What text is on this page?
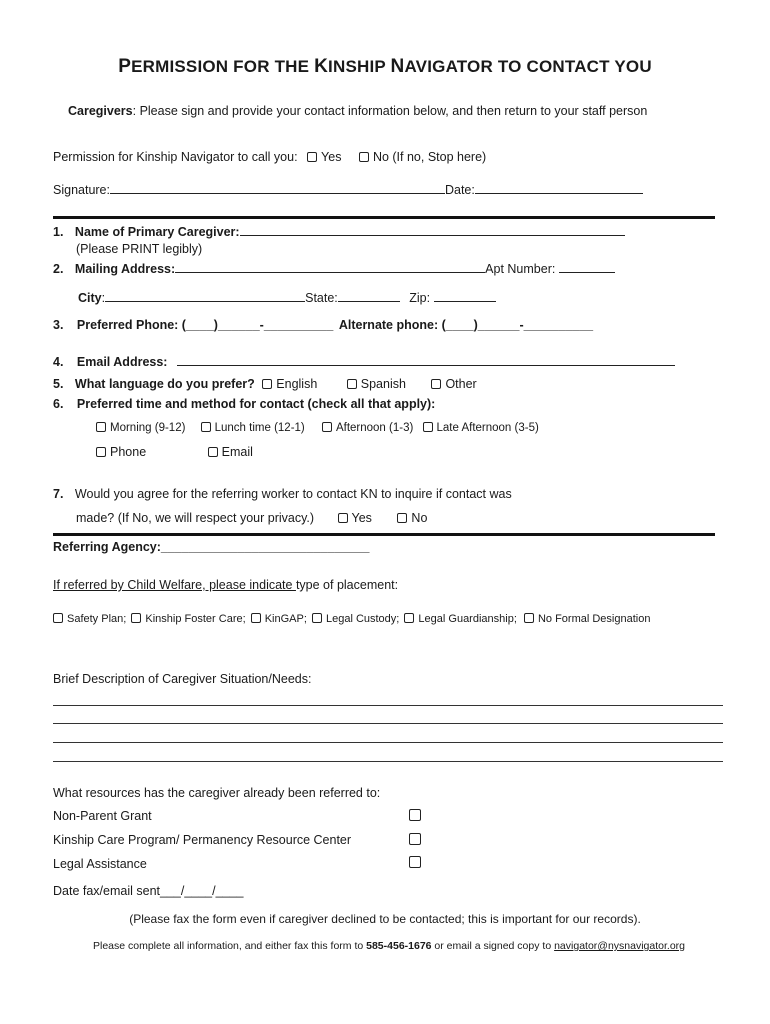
PERMISSION FOR THE KINSHIP NAVIGATOR TO CONTACT YOU
Caregivers: Please sign and provide your contact information below, and then return to your staff person
Permission for Kinship Navigator to call you: Yes	No (If no, Stop here)
Signature:	Date:
1. Name of Primary Caregiver:
(Please PRINT legibly)
2. Mailing Address:	Apt Number:
City:	State:	Zip:
3. Preferred Phone: (____)______-__________ Alternate phone: (____)______-__________
4. Email Address:
5. What language do you prefer? English	Spanish	Other
6. Preferred time and method for contact (check all that apply):
Morning (9-12)	Lunch time (12-1)	Afternoon (1-3) Late Afternoon (3-5)
Phone	Email
7. Would you agree for the referring worker to contact KN to inquire if contact was
made? (If No, we will respect your privacy.)	Yes	No
Referring Agency:______________________________
If referred by Child Welfare, please indicate type of placement:
Safety Plan; Kinship Foster Care; KinGAP; Legal Custody; Legal Guardianship; No Formal Designation
Brief Description of Caregiver Situation/Needs:
What resources has the caregiver already been referred to:
Non-Parent Grant
Kinship Care Program/ Permanency Resource Center
Legal Assistance
Date fax/email sent___/____/____
(Please fax the form even if caregiver declined to be contacted; this is important for our records).
Please complete all information, and either fax this form to 585-456-1676 or email a signed copy to navigator@nysnavigator.org
